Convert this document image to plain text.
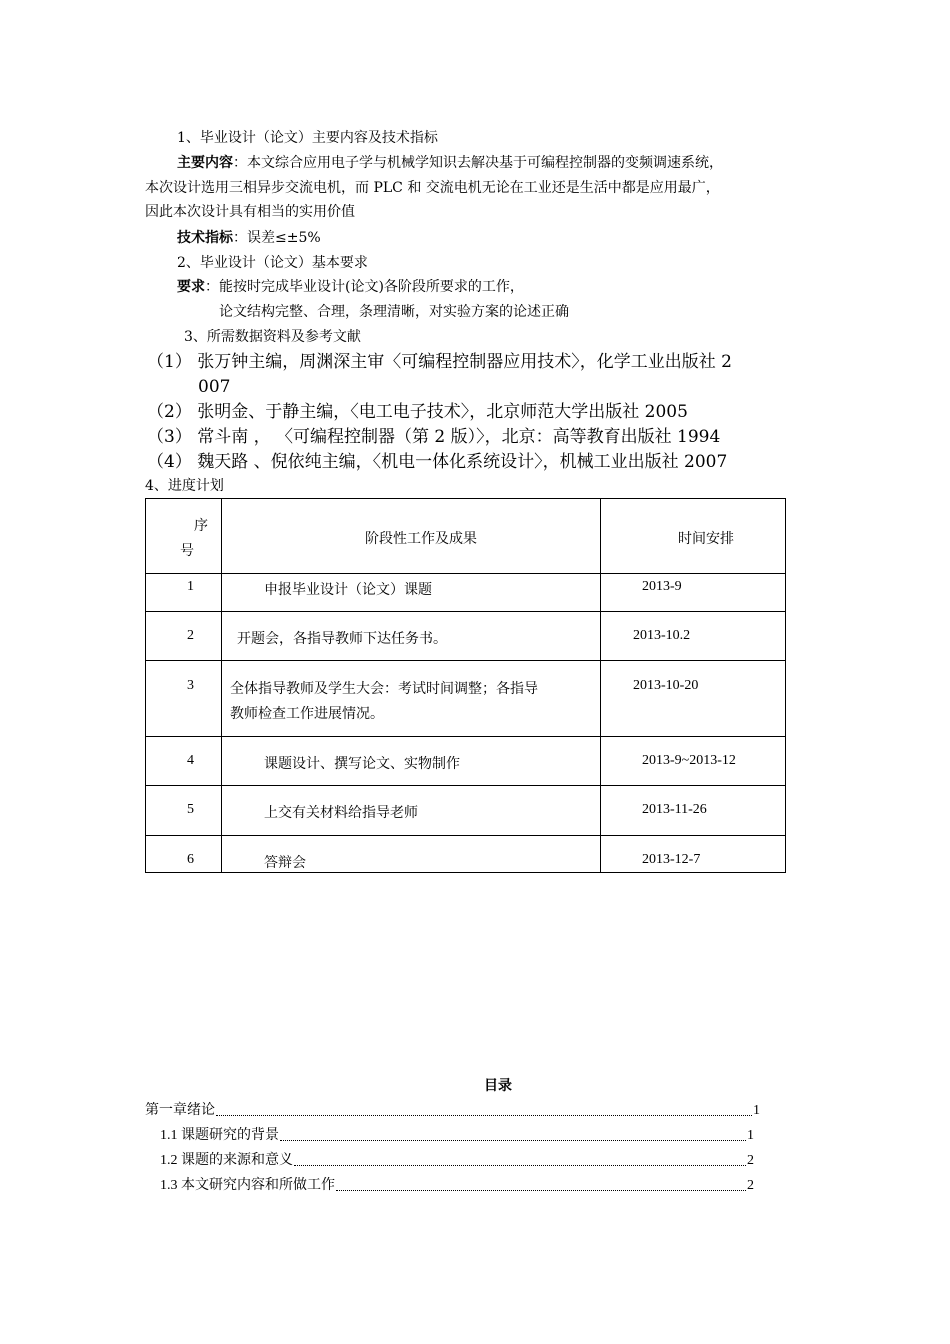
1、毕业设计（论文）主要内容及技术指标
主要内容：本文综合应用电子学与机械学知识去解决基于可编程控制器的变频调速系统，
本次设计选用三相异步交流电机，而 PLC 和 交流电机无论在工业还是生活中都是应用最广，
因此本次设计具有相当的实用价值
技术指标：误差≤±5%
2、毕业设计（论文）基本要求
要求：能按时完成毕业设计(论文)各阶段所要求的工作，
论文结构完整、合理，条理清晰，对实验方案的论述正确
3、所需数据资料及参考文献
（1） 张万钟主编，周渊深主审〈可编程控制器应用技术〉，化学工业出版社 2
007
（2） 张明金、于静主编，〈电工电子技术〉，北京师范大学出版社 2005
（3） 常斗南 ， 〈可编程控制器（第 2 版）〉，北京：高等教育出版社 1994
（4） 魏天路 、倪依纯主编，〈机电一体化系统设计〉，机械工业出版社 2007
4、进度计划
序
号	阶段性工作及成果	时间安排

1	申报毕业设计（论文）课题	2013-9

2	开题会，各指导教师下达任务书。	2013-10.2

3	全体指导教师及学生大会：考试时间调整；各指导
教师检查工作进展情况。	2013-10-20

4	课题设计、撰写论文、实物制作	2013-9~2013-12

5	上交有关材料给指导老师	2013-11-26

6	答辩会	2013-12-7
目录
第一章绪论	1
1.1 课题研究的背景	1
1.2 课题的来源和意义	2
1.3 本文研究内容和所做工作	2
